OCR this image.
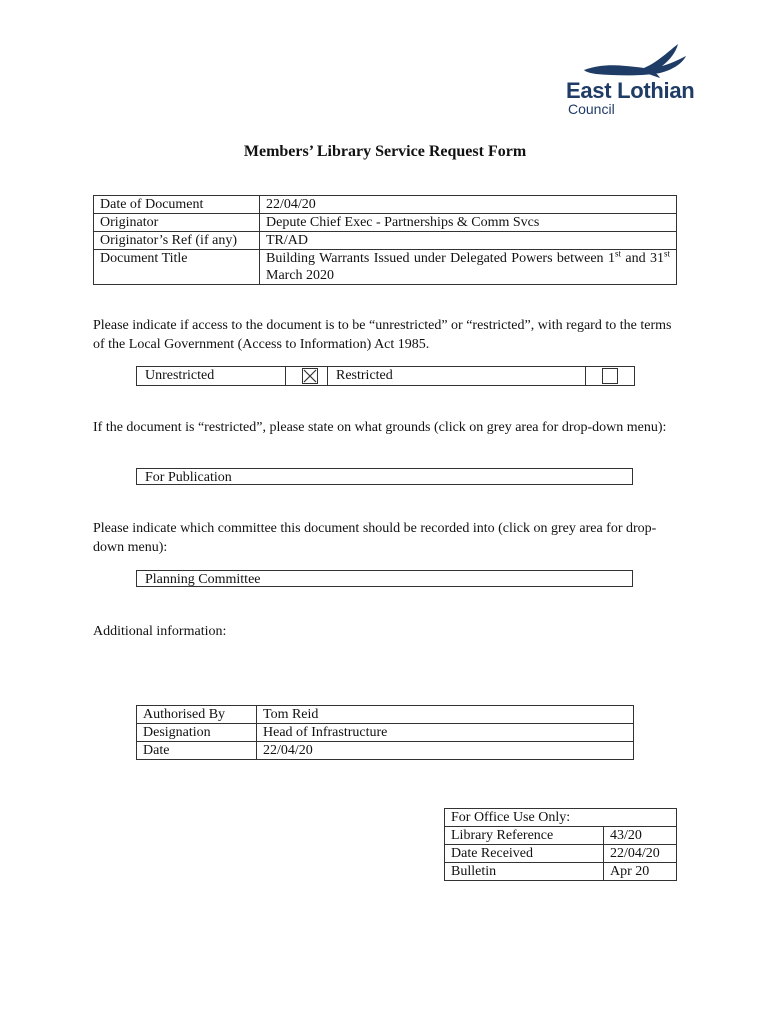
East Lothian
Council
Members’ Library Service Request Form
Date of Document	22/04/20
Originator	Depute Chief Exec - Partnerships & Comm Svcs
Originator’s Ref (if any)	TR/AD
Document Title	Building Warrants Issued under Delegated Powers between 1st and 31st March 2020
Please indicate if access to the document is to be “unrestricted” or “restricted”, with regard to the terms of the Local Government (Access to Information) Act 1985.
Unrestricted	Restricted
If the document is “restricted”, please state on what grounds (click on grey area for drop-down menu):
For Publication
Please indicate which committee this document should be recorded into (click on grey area for drop-down menu):
Planning Committee
Additional information:
Authorised By	Tom Reid
Designation	Head of Infrastructure
Date	22/04/20
For Office Use Only:	
Library Reference	43/20
Date Received	22/04/20
Bulletin	Apr 20
